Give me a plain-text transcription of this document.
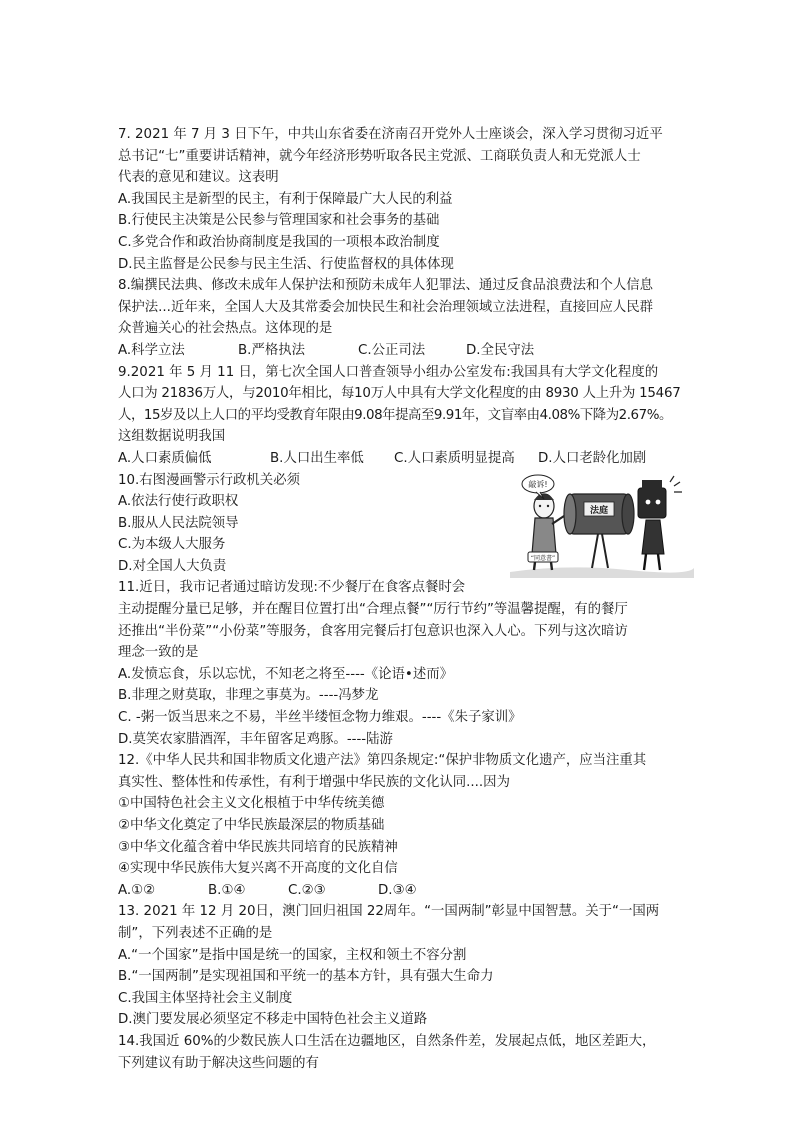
7. 2021 年 7 月 3 日下午，中共山东省委在济南召开党外人士座谈会，深入学习贯彻习近平
总书记“七”重要讲话精神，就今年经济形势听取各民主党派、工商联负责人和无党派人士
代表的意见和建议。这表明
A.我国民主是新型的民主，有利于保障最广大人民的利益
B.行使民主决策是公民参与管理国家和社会事务的基础
C.多党合作和政治协商制度是我国的一项根本政治制度
D.民主监督是公民参与民主生活、行使监督权的具体体现
8.编撰民法典、修改未成年人保护法和预防未成年人犯罪法、通过反食品浪费法和个人信息
保护法...近年来，全国人大及其常委会加快民生和社会治理领域立法进程，直接回应人民群
众普遍关心的社会热点。这体现的是
A.科学立法	B.严格执法	C.公正司法	D.全民守法
9.2021 年 5 月 11 日，第七次全国人口普查领导小组办公室发布:我国具有大学文化程度的
人口为 21836万人，与2010年相比，每10万人中具有大学文化程度的由 8930 人上升为 15467
人，15岁及以上人口的平均受教育年限由9.08年提高至9.91年，文盲率由4.08%下降为2.67%。
这组数据说明我国
A.人口素质偏低	B.人口出生率低	C.人口素质明显提高	D.人口老龄化加剧
10.右图漫画警示行政机关必须
A.依法行使行政职权
B.服从人民法院领导
C.为本级人大服务
D.对全国人大负责
“同意書”
敲诉!
法庭
11.近日，我市记者通过暗访发现:不少餐厅在食客点餐时会
主动提醒分量已足够，并在醒目位置打出“合理点餐”“厉行节约”等温馨提醒，有的餐厅
还推出“半份菜”“小份菜”等服务，食客用完餐后打包意识也深入人心。下列与这次暗访
理念一致的是
A.发愤忘食，乐以忘忧，不知老之将至----《论语•述而》
B.非理之财莫取，非理之事莫为。----冯梦龙
C. -粥一饭当思来之不易，半丝半缕恒念物力维艰。----《朱子家训》
D.莫笑农家腊酒浑，丰年留客足鸡豚。----陆游
12.《中华人民共和国非物质文化遗产法》第四条规定:“保护非物质文化遗产，应当注重其
真实性、整体性和传承性，有利于增强中华民族的文化认同....因为
①中国特色社会主义文化根植于中华传统美德
②中华文化奠定了中华民族最深层的物质基础
③中华文化蕴含着中华民族共同培育的民族精神
④实现中华民族伟大复兴离不开高度的文化自信
A.①②	B.①④	C.②③	D.③④
13. 2021 年 12 月 20日，澳门回归祖国 22周年。“一国两制”彰显中国智慧。关于“一国两
制”，下列表述不正确的是
A.“一个国家”是指中国是统一的国家，主权和领土不容分割
B.“一国两制”是实现祖国和平统一的基本方针，具有强大生命力
C.我国主体坚持社会主义制度
D.澳门要发展必须坚定不移走中国特色社会主义道路
14.我国近 60%的少数民族人口生活在边疆地区，自然条件差，发展起点低，地区差距大，
下列建议有助于解决这些问题的有
